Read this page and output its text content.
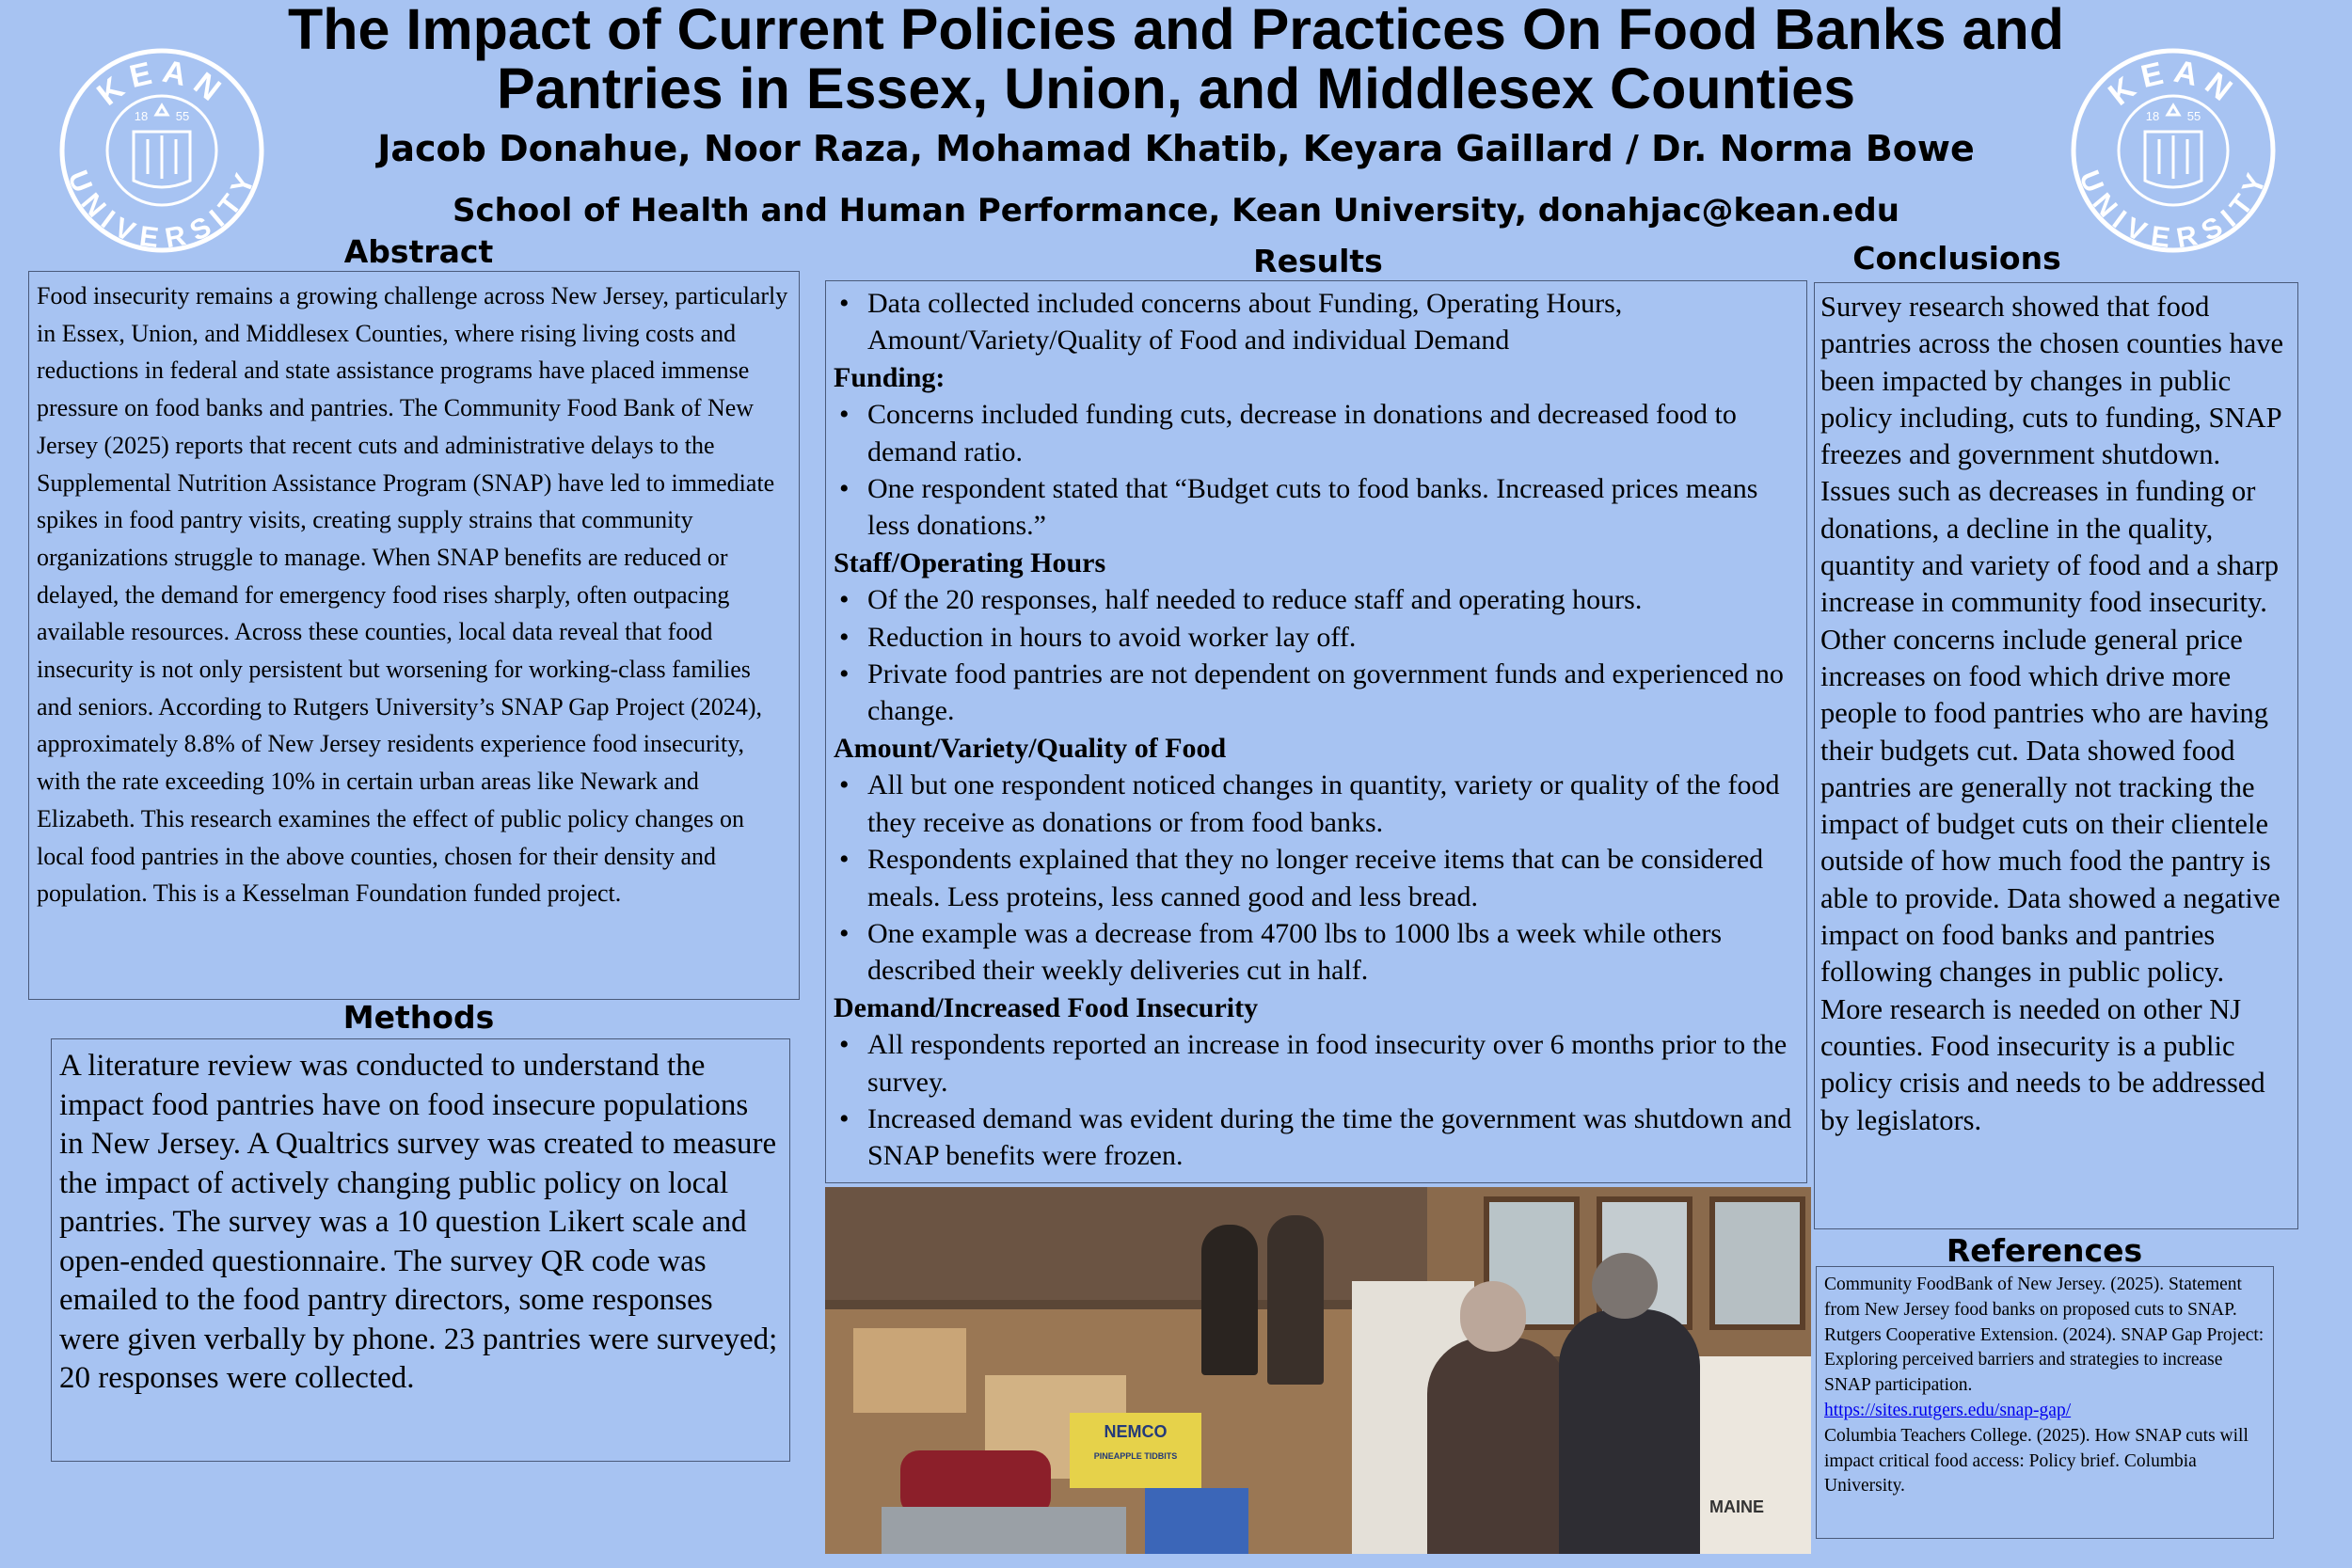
The Impact of Current Policies and Practices On Food Banks and Pantries in Essex, Union, and Middlesex Counties
Jacob Donahue, Noor Raza, Mohamad Khatib, Keyara Gaillard / Dr. Norma Bowe
School of Health and Human Performance, Kean University, donahjac@kean.edu
KEAN
UNIVERSITY
18 55
KEAN
UNIVERSITY
18 55
Abstract
Food insecurity remains a growing challenge across New Jersey, particularly in Essex, Union, and Middlesex Counties, where rising living costs and reductions in federal and state assistance programs have placed immense pressure on food banks and pantries. The Community Food Bank of New Jersey (2025) reports that recent cuts and administrative delays to the Supplemental Nutrition Assistance Program (SNAP) have led to immediate spikes in food pantry visits, creating supply strains that community organizations struggle to manage. When SNAP benefits are reduced or delayed, the demand for emergency food rises sharply, often outpacing available resources. Across these counties, local data reveal that food insecurity is not only persistent but worsening for working-class families and seniors. According to Rutgers University’s SNAP Gap Project (2024), approximately 8.8% of New Jersey residents experience food insecurity, with the rate exceeding 10% in certain urban areas like Newark and Elizabeth. This research examines the effect of public policy changes on local food pantries in the above counties, chosen for their density and population. This is a Kesselman Foundation funded project.
Methods
A literature review was conducted to understand the impact food pantries have on food insecure populations in New Jersey. A Qualtrics survey was created to measure the impact of actively changing public policy on local pantries. The survey was a 10 question Likert scale and open-ended questionnaire. The survey QR code was emailed to the food pantry directors, some responses were given verbally by phone. 23 pantries were surveyed; 20 responses were collected.
Results
• Data collected included concerns about Funding, Operating Hours, Amount/Variety/Quality of Food and individual Demand
Funding:
• Concerns included funding cuts, decrease in donations and decreased food to demand ratio.
• One respondent stated that “Budget cuts to food banks. Increased prices means less donations.”
Staff/Operating Hours
• Of the 20 responses, half needed to reduce staff and operating hours.
• Reduction in hours to avoid worker lay off.
• Private food pantries are not dependent on government funds and experienced no change.
Amount/Variety/Quality of Food
• All but one respondent noticed changes in quantity, variety or quality of the food they receive as donations or from food banks.
• Respondents explained that they no longer receive items that can be considered meals. Less proteins, less canned good and less bread.
• One example was a decrease from 4700 lbs to 1000 lbs a week while others described their weekly deliveries cut in half.
Demand/Increased Food Insecurity
• All respondents reported an increase in food insecurity over 6 months prior to the survey.
• Increased demand was evident during the time the government was shutdown and SNAP benefits were frozen.
NEMCO
PINEAPPLE TIDBITS
MAINE
Conclusions
Survey research showed that food pantries across the chosen counties have been impacted by changes in public policy including, cuts to funding, SNAP freezes and government shutdown. Issues such as decreases in funding or donations, a decline in the quality, quantity and variety of food and a sharp increase in community food insecurity. Other concerns include general price increases on food which drive more people to food pantries who are having their budgets cut. Data showed food pantries are generally not tracking the impact of budget cuts on their clientele outside of how much food the pantry is able to provide. Data showed a negative impact on food banks and pantries following changes in public policy. More research is needed on other NJ counties. Food insecurity is a public policy crisis and needs to be addressed by legislators.
References
Community FoodBank of New Jersey. (2025). Statement from New Jersey food banks on proposed cuts to SNAP.
Rutgers Cooperative Extension. (2024). SNAP Gap Project: Exploring perceived barriers and strategies to increase SNAP participation.
https://sites.rutgers.edu/snap-gap/
Columbia Teachers College. (2025). How SNAP cuts will impact critical food access: Policy brief. Columbia University.
